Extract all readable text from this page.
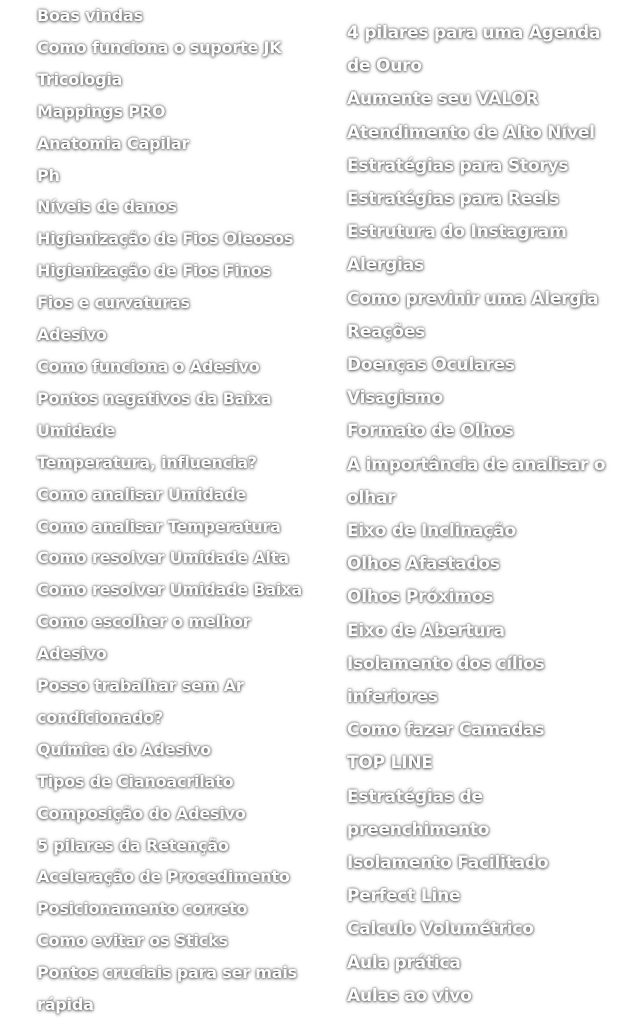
Boas vindas
Como funciona o suporte JK
Tricologia
Mappings PRO
Anatomia Capilar
Ph
Níveis de danos
Higienização de Fios Oleosos
Higienização de Fios Finos
Fios e curvaturas
Adesivo
Como funciona o Adesivo
Pontos negativos da Baixa Umidade
Temperatura, influencia?
Como analisar Umidade
Como analisar Temperatura
Como resolver Umidade Alta
Como resolver Umidade Baixa
Como escolher o melhor Adesivo
Posso trabalhar sem Ar condicionado?
Química do Adesivo
Tipos de Cianoacrilato
Composição do Adesivo
5 pilares da Retenção
Aceleração de Procedimento
Posicionamento correto
Como evitar os Sticks
Pontos cruciais para ser mais rápida
4 pilares para uma Agenda de Ouro
Aumente seu VALOR
Atendimento de Alto Nível
Estratégias para Storys
Estratégias para Reels
Estrutura do Instagram
Alergias
Como previnir uma Alergia
Reações
Doenças Oculares
Visagismo
Formato de Olhos
A importância de analisar o olhar
Eixo de Inclinação
Olhos Afastados
Olhos Próximos
Eixo de Abertura
Isolamento dos cílios inferiores
Como fazer Camadas
TOP LINE
Estratégias de preenchimento
Isolamento Facilitado
Perfect Line
Calculo Volumétrico
Aula prática
Aulas ao vivo
